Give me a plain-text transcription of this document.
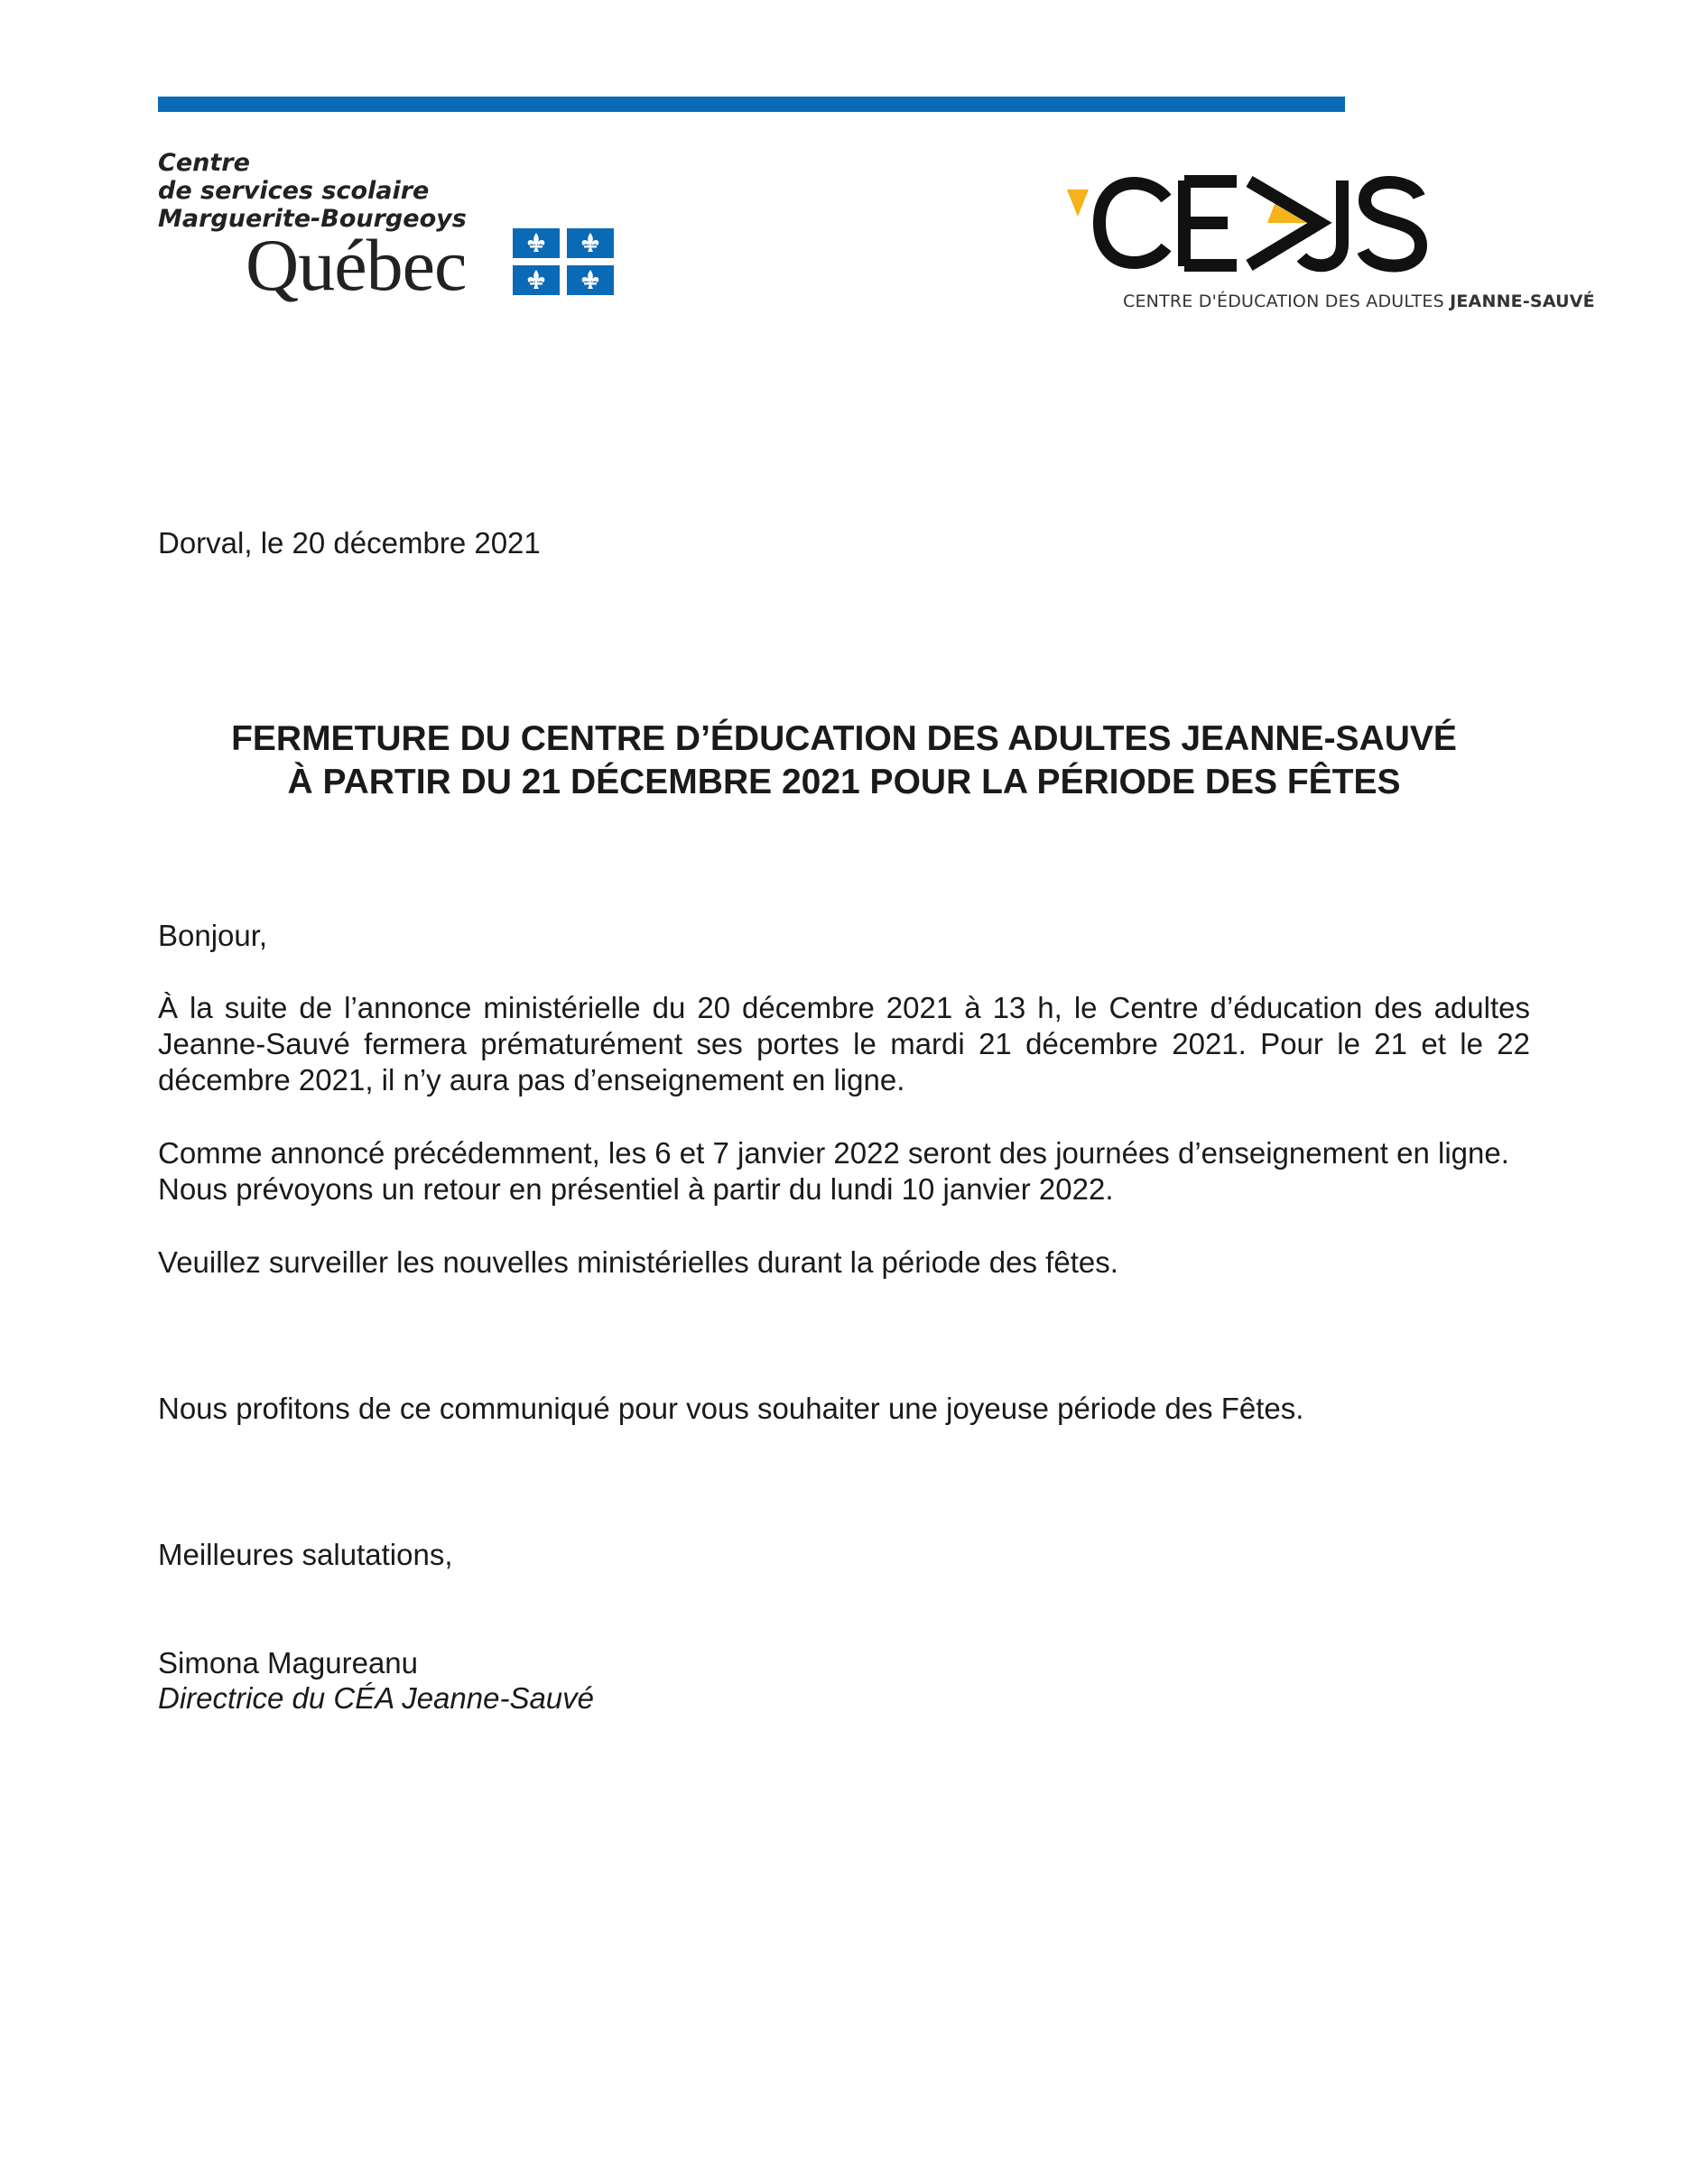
Centre
de services scolaire
Marguerite-Bourgeoys
Québec	CENTRE D'ÉDUCATION DES ADULTES JEANNE-SAUVÉ
Dorval, le 20 décembre 2021
FERMETURE DU CENTRE D’ÉDUCATION DES ADULTES JEANNE-SAUVÉ
À PARTIR DU 21 DÉCEMBRE 2021 POUR LA PÉRIODE DES FÊTES
Bonjour,
À la suite de l’annonce ministérielle du 20 décembre 2021 à 13 h, le Centre d’éducation des adultes Jeanne-Sauvé fermera prématurément ses portes le mardi 21 décembre 2021. Pour le 21 et le 22 décembre 2021, il n’y aura pas d’enseignement en ligne.
Comme annoncé précédemment, les 6 et 7 janvier 2022 seront des journées d’enseignement en ligne.
Nous prévoyons un retour en présentiel à partir du lundi 10 janvier 2022.
Veuillez surveiller les nouvelles ministérielles durant la période des fêtes.
Nous profitons de ce communiqué pour vous souhaiter une joyeuse période des Fêtes.
Meilleures salutations,
Simona Magureanu
Directrice du CÉA Jeanne-Sauvé
